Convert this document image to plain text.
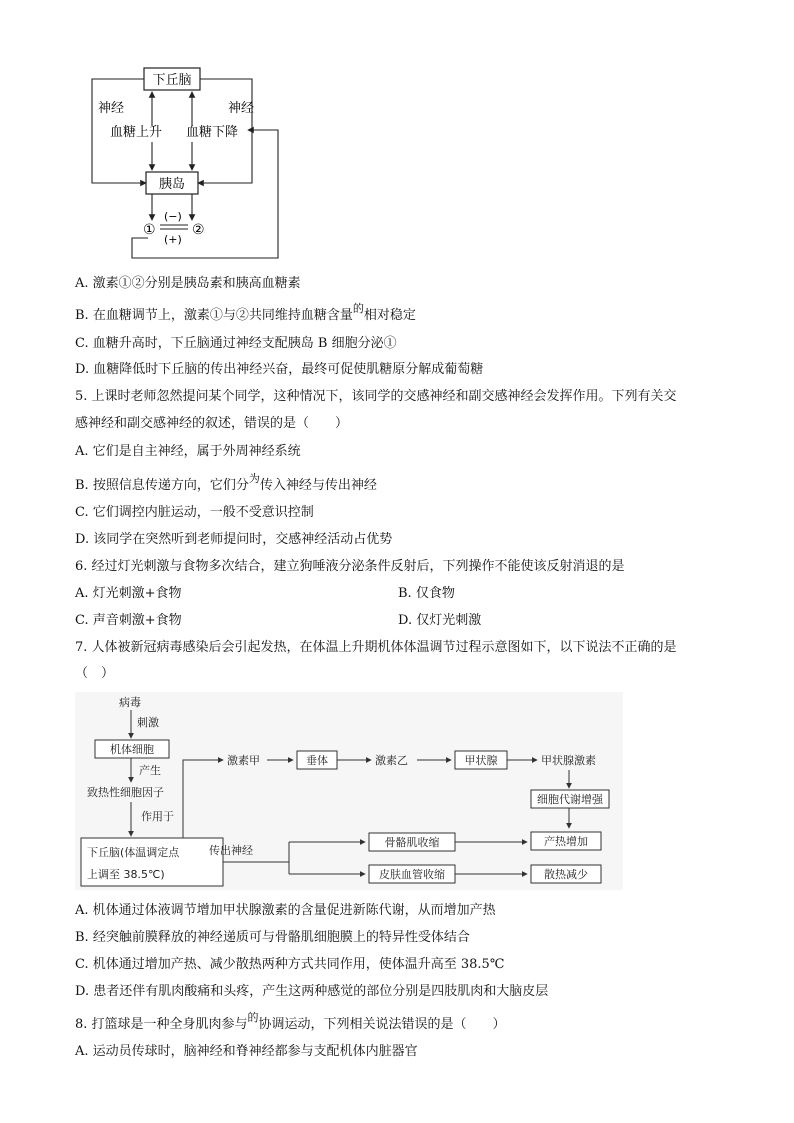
下丘脑
胰岛
神经	神经
血糖上升 血糖下降
①	②
(−)
(+)
A. 激素①②分别是胰岛素和胰高血糖素
B. 在血糖调节上，激素①与②共同维持血糖含量$^的$相对稳定
C. 血糖升高时，下丘脑通过神经支配胰岛 B 细胞分泌①
D. 血糖降低时下丘脑的传出神经兴奋，最终可促使肌糖原分解成葡萄糖
5. 上课时老师忽然提问某个同学，这种情况下，该同学的交感神经和副交感神经会发挥作用。下列有关交
感神经和副交感神经的叙述，错误的是（　　）
A. 它们是自主神经，属于外周神经系统
B. 按照信息传递方向，它们分$^为$传入神经与传出神经
C. 它们调控内脏运动，一般不受意识控制
D. 该同学在突然听到老师提问时，交感神经活动占优势
6. 经过灯光刺激与食物多次结合，建立狗唾液分泌条件反射后，下列操作不能使该反射消退的是
A. 灯光刺激+食物	B. 仅食物
C. 声音刺激+食物	D. 仅灯光刺激
7. 人体被新冠病毒感染后会引起发热，在体温上升期机体体温调节过程示意图如下，以下说法不正确的是
（　）
病毒
刺激
机体细胞
产生
致热性细胞因子
作用于
下丘脑(体温调定点
上调至 38.5℃)
激素甲	垂体	激素乙	甲状腺	甲状腺激素
细胞代谢增强
传出神经
骨骼肌收缩
皮肤血管收缩
产热增加
散热减少
A. 机体通过体液调节增加甲状腺激素的含量促进新陈代谢，从而增加产热
B. 经突触前膜释放的神经递质可与骨骼肌细胞膜上的特异性受体结合
C. 机体通过增加产热、减少散热两种方式共同作用，使体温升高至 38.5℃
D. 患者还伴有肌肉酸痛和头疼，产生这两种感觉的部位分别是四肢肌肉和大脑皮层
8. 打篮球是一种全身肌肉参与$^的$协调运动，下列相关说法错误的是（　　）
A. 运动员传球时，脑神经和脊神经都参与支配机体内脏器官
